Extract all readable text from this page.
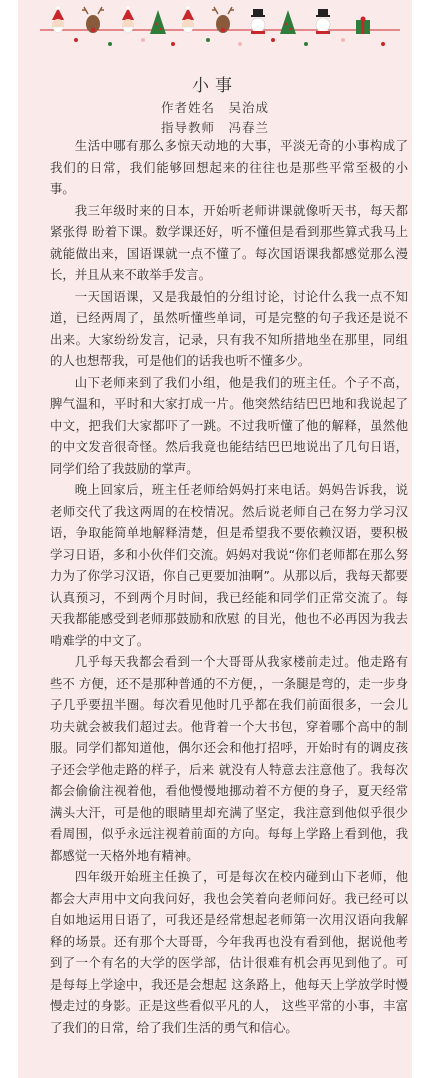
小事

作者姓名　吴治成

指导教师　冯春兰

生活中哪有那么多惊天动地的大事，平淡无奇的小事构成了我们的日常，我们能够回想起来的往往也是那些平常至极的小事。

我三年级时来的日本，开始听老师讲课就像听天书，每天都紧张得 盼着下课。数学课还好，听不懂但是看到那些算式我马上就能做出来，国语课就一点不懂了。每次国语课我都感觉那么漫长，并且从来不敢举手发言。

一天国语课，又是我最怕的分组讨论，讨论什么我一点不知道，已经两周了，虽然听懂些单词，可是完整的句子我还是说不出来。大家纷纷发言，记录，只有我不知所措地坐在那里，同组的人也想帮我，可是他们的话我也听不懂多少。

山下老师来到了我们小组，他是我们的班主任。个子不高，脾气温和，平时和大家打成一片。他突然结结巴巴地和我说起了中文，把我们大家都吓了一跳。不过我听懂了他的解释，虽然他的中文发音很奇怪。然后我竟也能结结巴巴地说出了几句日语，同学们给了我鼓励的掌声。

晚上回家后，班主任老师给妈妈打来电话。妈妈告诉我，说老师交代了我这两周的在校情况。然后说老师自己在努力学习汉语，争取能简单地解释清楚，但是希望我不要依赖汉语，要积极学习日语，多和小伙伴们交流。妈妈对我说“你们老师都在那么努力为了你学习汉语，你自己更要加油啊”。从那以后，我每天都要认真预习，不到两个月时间，我已经能和同学们正常交流了。每天我都能感受到老师那鼓励和欣慰 的目光，他也不必再因为我去啃难学的中文了。

几乎每天我都会看到一个大哥哥从我家楼前走过。他走路有些不 方便，还不是那种普通的不方便，，一条腿是弯的，走一步身子几乎要扭半圈。每次看见他时几乎都在我们前面很多，一会儿功夫就会被我们超过去。他背着一个大书包，穿着哪个高中的制服。同学们都知道他，偶尔还会和他打招呼，开始时有的调皮孩子还会学他走路的样子，后来 就没有人特意去注意他了。我每次都会偷偷注视着他，看他慢慢地挪动着不方便的身子，夏天经常满头大汗，可是他的眼睛里却充满了坚定，我注意到他似乎很少看周围，似乎永远注视着前面的方向。每每上学路上看到他，我都感觉一天格外地有精神。

四年级开始班主任换了，可是每次在校内碰到山下老师，他都会大声用中文向我问好，我也会笑着向老师问好。我已经可以自如地运用日语了，可我还是经常想起老师第一次用汉语向我解释的场景。还有那个大哥哥，今年我再也没有看到他，据说他考到了一个有名的大学的医学部，估计很难有机会再见到他了。可是每每上学途中，我还是会想起 这条路上，他每天上学放学时慢慢走过的身影。正是这些看似平凡的人， 这些平常的小事，丰富了我们的日常，给了我们生活的勇气和信心。
